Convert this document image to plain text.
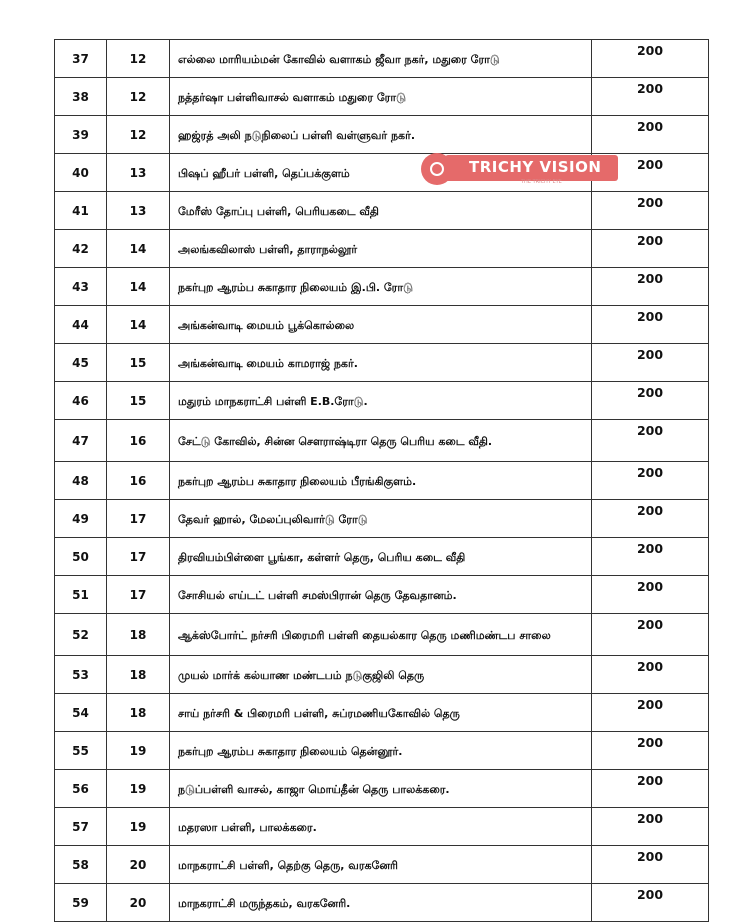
37	12	எல்லை மாரியம்மன் கோவில் வளாகம் ஜீவா நகர், மதுரை ரோடு	200
38	12	நத்தர்ஷா பள்ளிவாசல் வளாகம் மதுரை ரோடு	200
39	12	ஹஜ்ரத் அலி நடுநிலைப் பள்ளி வள்ளுவர் நகர்.	200
40	13	பிஷப் ஹீபர் பள்ளி, தெப்பக்குளம்	200
41	13	மேரீஸ் தோப்பு பள்ளி, பெரியகடை வீதி	200
42	14	அலங்கவிலாஸ் பள்ளி, தாராநல்லூர்	200
43	14	நகர்புற ஆரம்ப சுகாதார நிலையம் இ.பி. ரோடு	200
44	14	அங்கன்வாடி மையம் பூக்கொல்லை	200
45	15	அங்கன்வாடி மையம் காமராஜ் நகர்.	200
46	15	மதுரம் மாநகராட்சி பள்ளி E.B.ரோடு.	200
47	16	சேட்டு கோவில், சின்ன சௌராஷ்டிரா தெரு பெரிய கடை வீதி.	200
48	16	நகர்புற ஆரம்ப சுகாதார நிலையம் பீரங்கிகுளம்.	200
49	17	தேவர் ஹால், மேலப்புலிவார்டு ரோடு	200
50	17	திரவியம்பிள்ளை பூங்கா, கள்ளர் தெரு, பெரிய கடை வீதி	200
51	17	சோசியல் எய்டட் பள்ளி சமஸ்பிரான் தெரு தேவதானம்.	200
52	18	ஆக்ஸ்போர்ட் நர்சரி பிரைமரி பள்ளி தையல்கார தெரு மணிமண்டப சாலை	200
53	18	முயல் மார்க் கல்யாண மண்டபம் நடுகுஜிலி தெரு	200
54	18	சாய் நர்சரி & பிரைமரி பள்ளி, சுப்ரமணியகோவில் தெரு	200
55	19	நகர்புற ஆரம்ப சுகாதார நிலையம் தென்னூர்.	200
56	19	நடுப்பள்ளி வாசல், காஜா மொய்தீன் தெரு பாலக்கரை.	200
57	19	மதரஸா பள்ளி, பாலக்கரை.	200
58	20	மாநகராட்சி பள்ளி, தெற்கு தெரு, வரகனேரி	200
59	20	மாநகராட்சி மருந்தகம், வரகனேரி.	200
TRICHY VISION
THE TRICHY EYE
